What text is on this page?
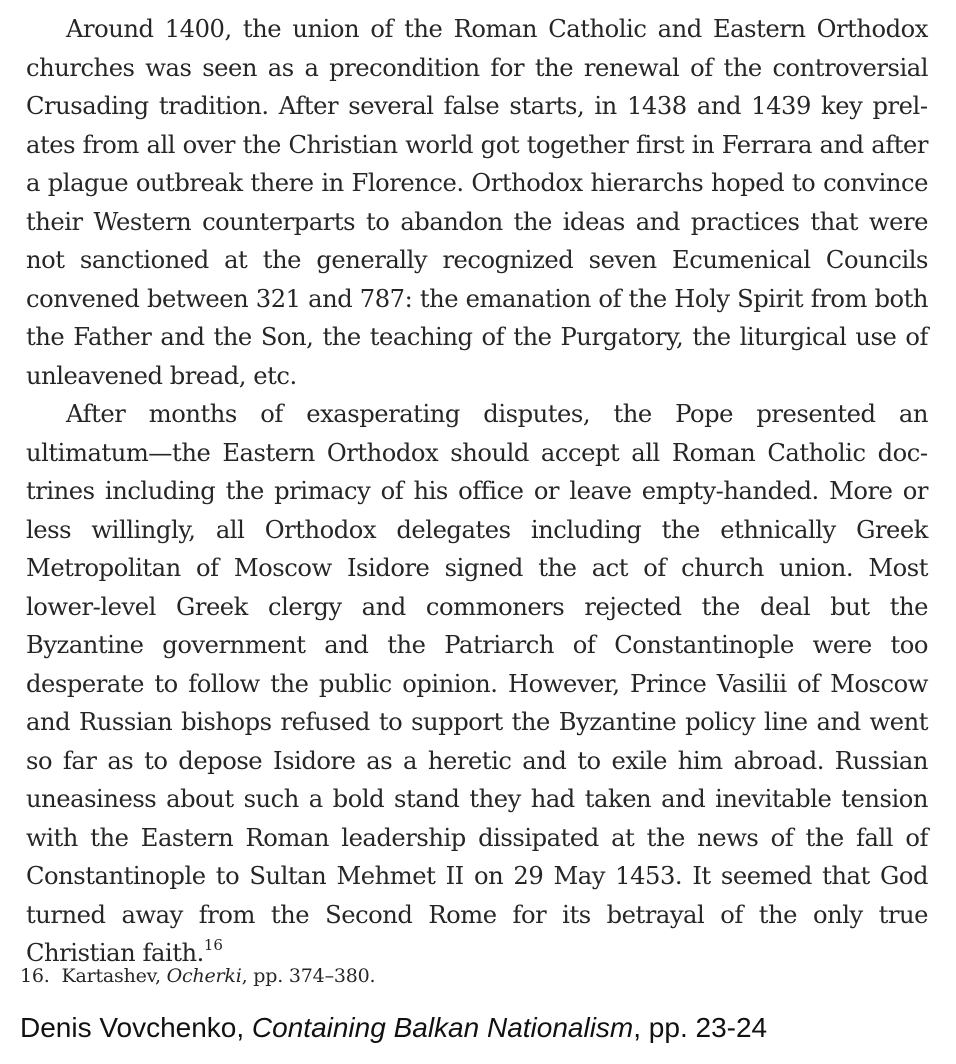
Around 1400, the union of the Roman Catholic and Eastern Orthodox churches was seen as a precondition for the renewal of the controversial Crusading tradition. After several false starts, in 1438 and 1439 key prelates from all over the Christian world got together first in Ferrara and after a plague outbreak there in Florence. Orthodox hierarchs hoped to convince their Western counterparts to abandon the ideas and practices that were not sanctioned at the generally recognized seven Ecumenical Councils convened between 321 and 787: the emanation of the Holy Spirit from both the Father and the Son, the teaching of the Purgatory, the liturgical use of unleavened bread, etc.

After months of exasperating disputes, the Pope presented an ultimatum—the Eastern Orthodox should accept all Roman Catholic doctrines including the primacy of his office or leave empty-handed. More or less willingly, all Orthodox delegates including the ethnically Greek Metropolitan of Moscow Isidore signed the act of church union. Most lower-level Greek clergy and commoners rejected the deal but the Byzantine government and the Patriarch of Constantinople were too desperate to follow the public opinion. However, Prince Vasilii of Moscow and Russian bishops refused to support the Byzantine policy line and went so far as to depose Isidore as a heretic and to exile him abroad. Russian uneasiness about such a bold stand they had taken and inevitable tension with the Eastern Roman leadership dissipated at the news of the fall of Constantinople to Sultan Mehmet II on 29 May 1453. It seemed that God turned away from the Second Rome for its betrayal of the only true Christian faith.$^{16}$

16. Kartashev, Ocherki, pp. 374–380.
Denis Vovchenko, Containing Balkan Nationalism, pp. 23-24
